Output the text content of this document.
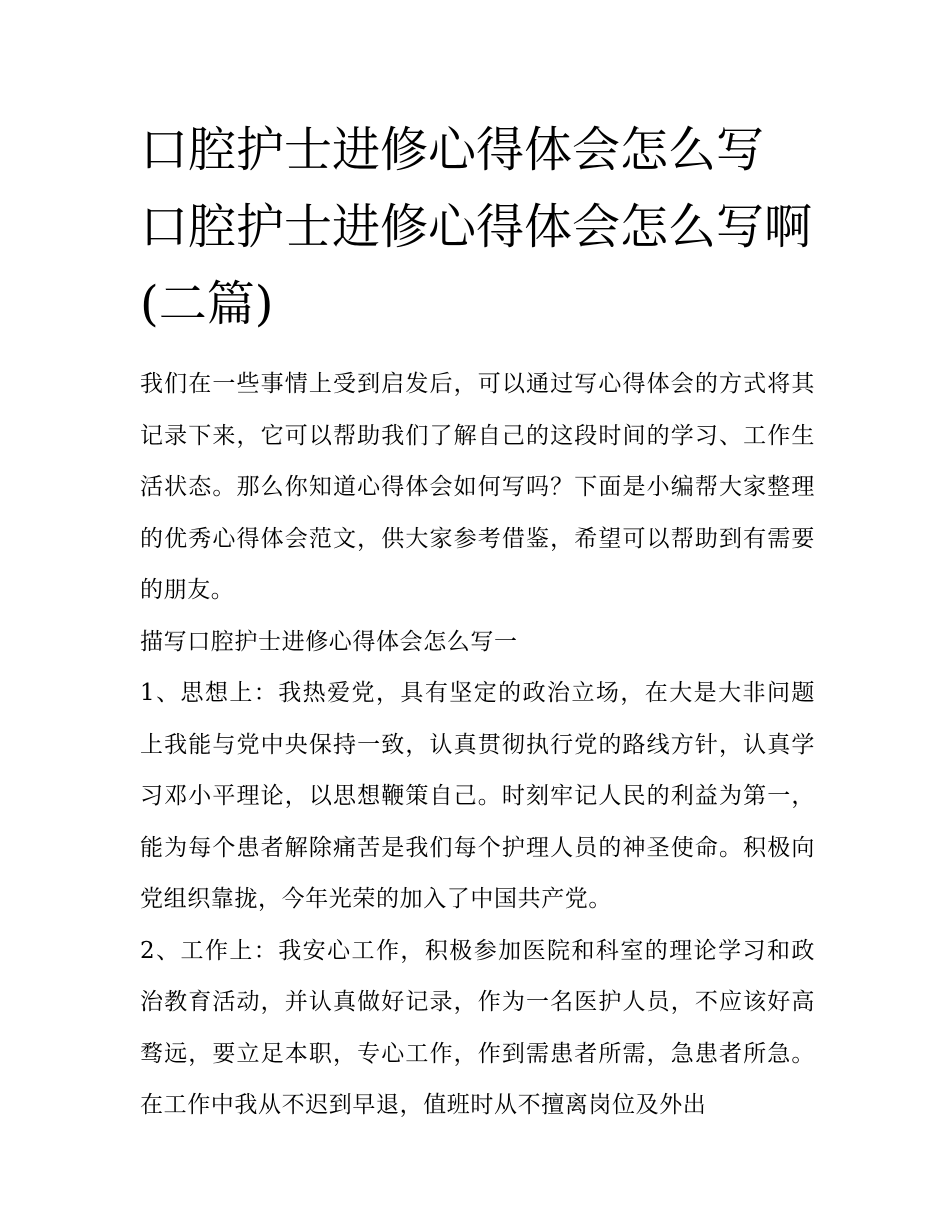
口腔护士进修心得体会怎么写 口腔护士进修心得体会怎么写啊(二篇)

我们在一些事情上受到启发后，可以通过写心得体会的方式将其记录下来，它可以帮助我们了解自己的这段时间的学习、工作生活状态。那么你知道心得体会如何写吗？下面是小编帮大家整理的优秀心得体会范文，供大家参考借鉴，希望可以帮助到有需要的朋友。

描写口腔护士进修心得体会怎么写一

1、思想上：我热爱党，具有坚定的政治立场，在大是大非问题上我能与党中央保持一致，认真贯彻执行党的路线方针，认真学习邓小平理论，以思想鞭策自己。时刻牢记人民的利益为第一，能为每个患者解除痛苦是我们每个护理人员的神圣使命。积极向党组织靠拢，今年光荣的加入了中国共产党。

2、工作上：我安心工作，积极参加医院和科室的理论学习和政治教育活动，并认真做好记录，作为一名医护人员，不应该好高骛远，要立足本职，专心工作，作到需患者所需，急患者所急。在工作中我从不迟到早退，值班时从不擅离岗位及外出
